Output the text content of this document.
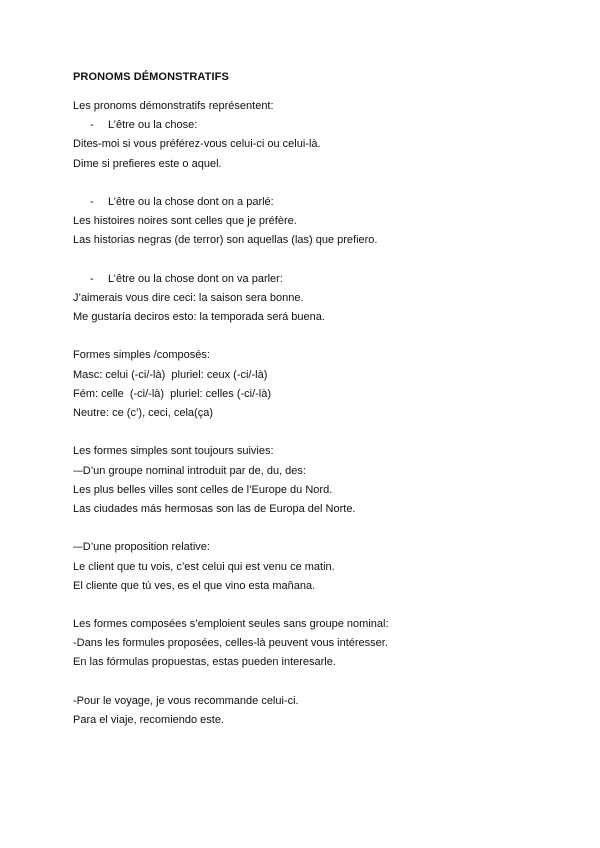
PRONOMS DÉMONSTRATIFS
Les pronoms démonstratifs représentent:
- L’être ou la chose:
Dites-moi si vous préférez-vous celui-ci ou celui-là.
Dime si prefieres este o aquel.
- L’être ou la chose dont on a parlé:
Les histoires noires sont celles que je préfère.
Las historias negras (de terror) son aquellas (las) que prefiero.
- L’être ou la chose dont on va parler:
J’aimerais vous dire ceci: la saison sera bonne.
Me gustaría deciros esto: la temporada será buena.
Formes simples /composés:
Masc: celui (-ci/-là)  pluriel: ceux (-ci/-là)
Fém: celle  (-ci/-là)  pluriel: celles (-ci/-là)
Neutre: ce (c’), ceci, cela(ça)
Les formes simples sont toujours suivies:
-–D’un groupe nominal introduit par de, du, des:
Les plus belles villes sont celles de l’Europe du Nord.
Las ciudades más hermosas son las de Europa del Norte.
-–D’une proposition relative:
Le client que tu vois, c’est celui qui est venu ce matin.
El cliente que tú ves, es el que vino esta mañana.
Les formes composées s’emploient seules sans groupe nominal:
-Dans les formules proposées, celles-là peuvent vous intéresser.
En las fórmulas propuestas, estas pueden interesarle.
-Pour le voyage, je vous recommande celui-ci.
Para el viaje, recomiendo este.
